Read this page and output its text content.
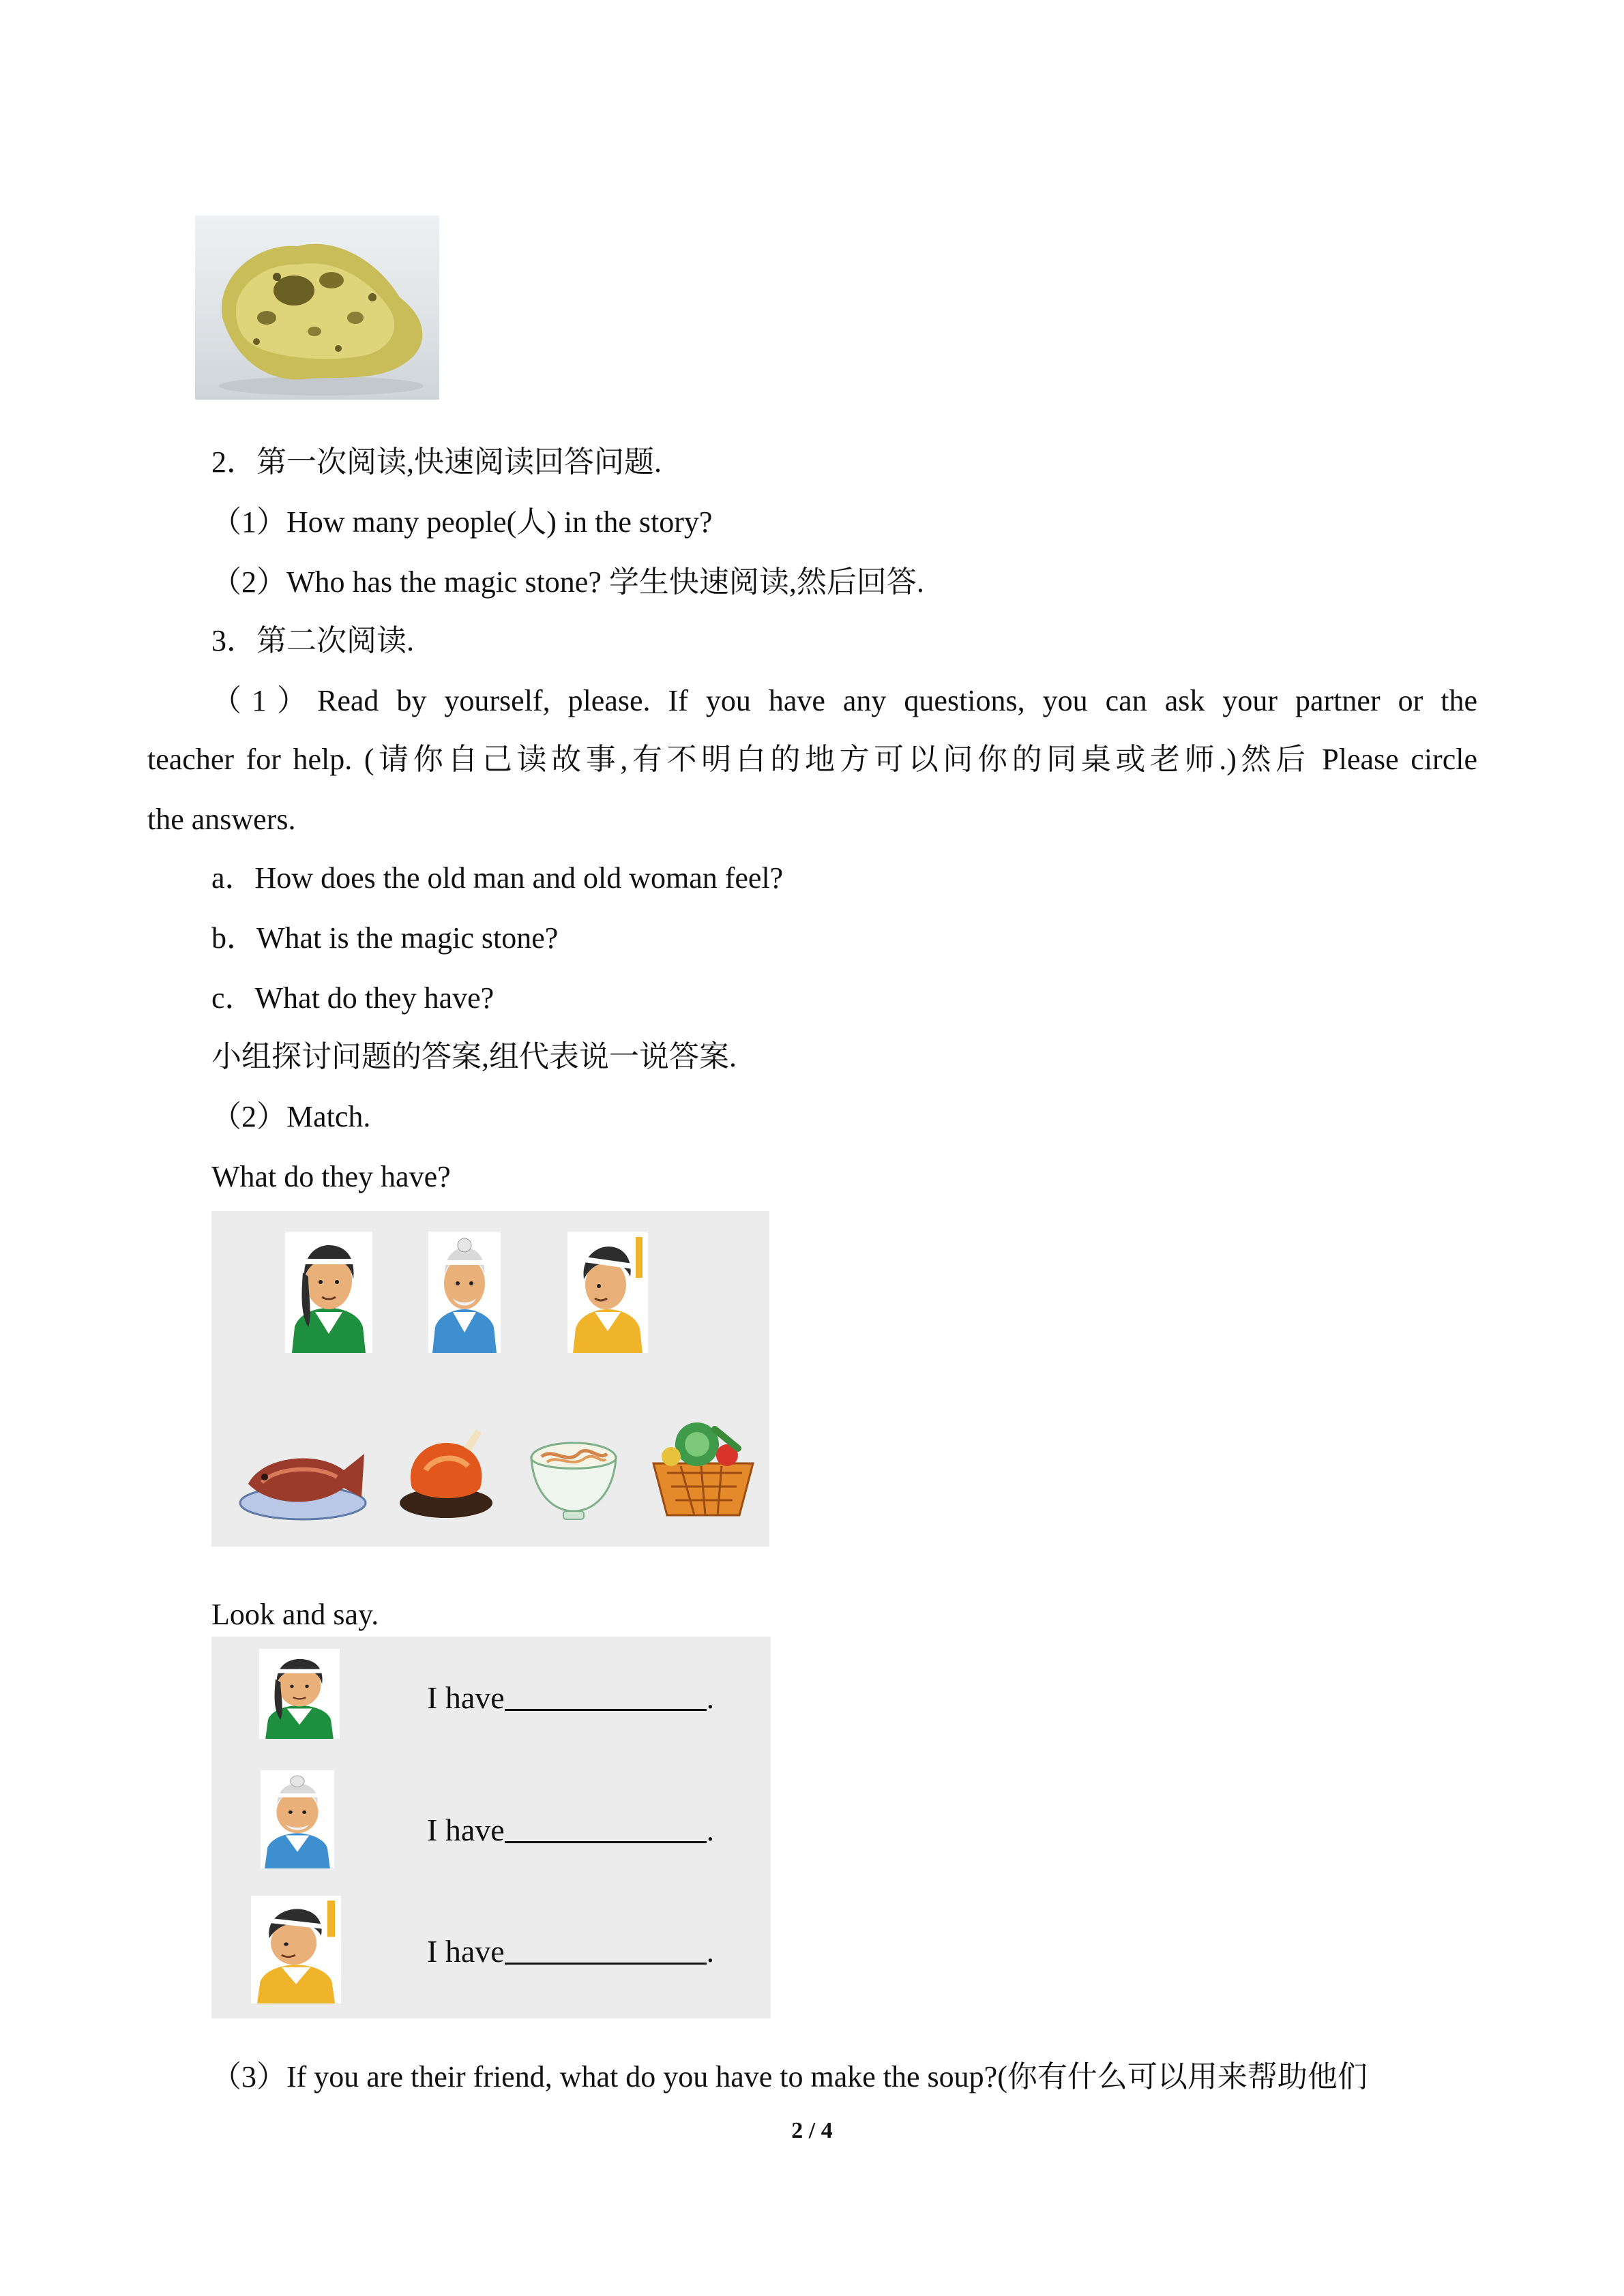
2．第一次阅读,快速阅读回答问题.
（1）How many people(人) in the story?
（2）Who has the magic stone? 学生快速阅读,然后回答.
3．第二次阅读.
（1）Read by yourself, please. If you have any questions, you can ask your partner or the
teacher for help. (请你自己读故事,有不明白的地方可以问你的同桌或老师.)然后 Please circle
the answers.
a．How does the old man and old woman feel?
b．What is the magic stone?
c．What do they have?
小组探讨问题的答案,组代表说一说答案.
（2）Match.
What do they have?
Look and say.
I have	.
I have	.
I have	.
（3）If you are their friend, what do you have to make the soup?(你有什么可以用来帮助他们
2 / 4
